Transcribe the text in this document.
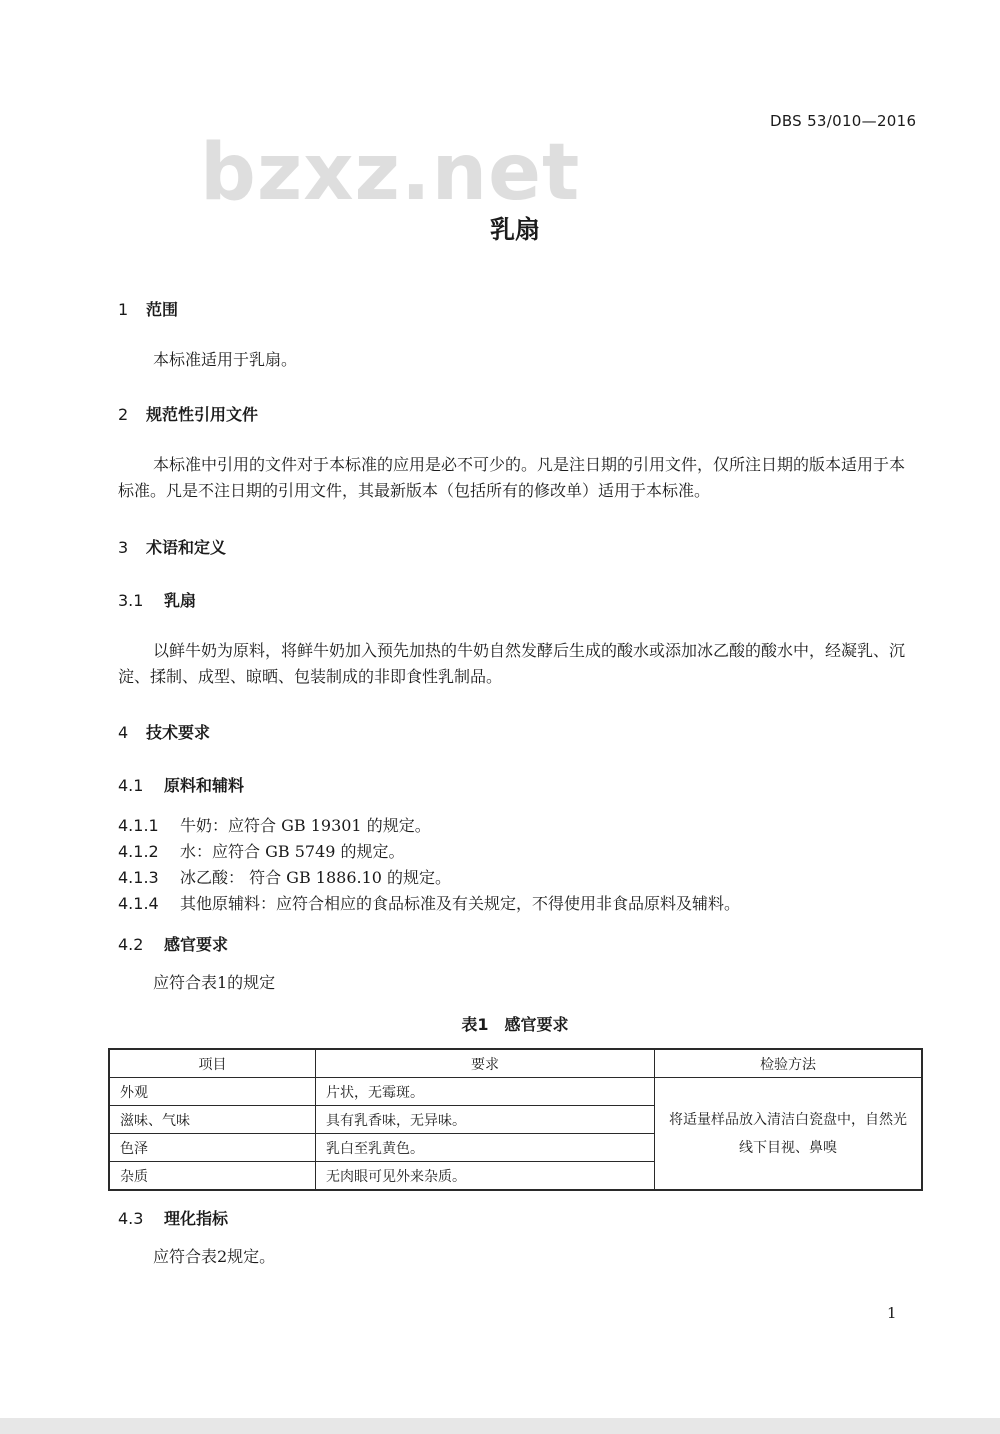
DBS 53/010—2016
bzxz.net
乳扇
1 范围
本标准适用于乳扇。
2 规范性引用文件
本标准中引用的文件对于本标准的应用是必不可少的。凡是注日期的引用文件，仅所注日期的版本适用于本标准。凡是不注日期的引用文件，其最新版本（包括所有的修改单）适用于本标准。
3 术语和定义
3.1 乳扇
以鲜牛奶为原料，将鲜牛奶加入预先加热的牛奶自然发酵后生成的酸水或添加冰乙酸的酸水中，经凝乳、沉淀、揉制、成型、晾晒、包装制成的非即食性乳制品。
4 技术要求
4.1 原料和辅料
4.1.1 牛奶：应符合 GB 19301 的规定。
4.1.2 水：应符合 GB 5749 的规定。
4.1.3 冰乙酸： 符合 GB 1886.10 的规定。
4.1.4 其他原辅料：应符合相应的食品标准及有关规定，不得使用非食品原料及辅料。
4.2 感官要求
应符合表1的规定
表1　感官要求
项目	要求	检验方法
外观	片状，无霉斑。	将适量样品放入清洁白瓷盘中，自然光线下目视、鼻嗅

滋味、气味	具有乳香味，无异味。	
色泽	乳白至乳黄色。	
杂质	无肉眼可见外来杂质。	
4.3 理化指标
应符合表2规定。
1
